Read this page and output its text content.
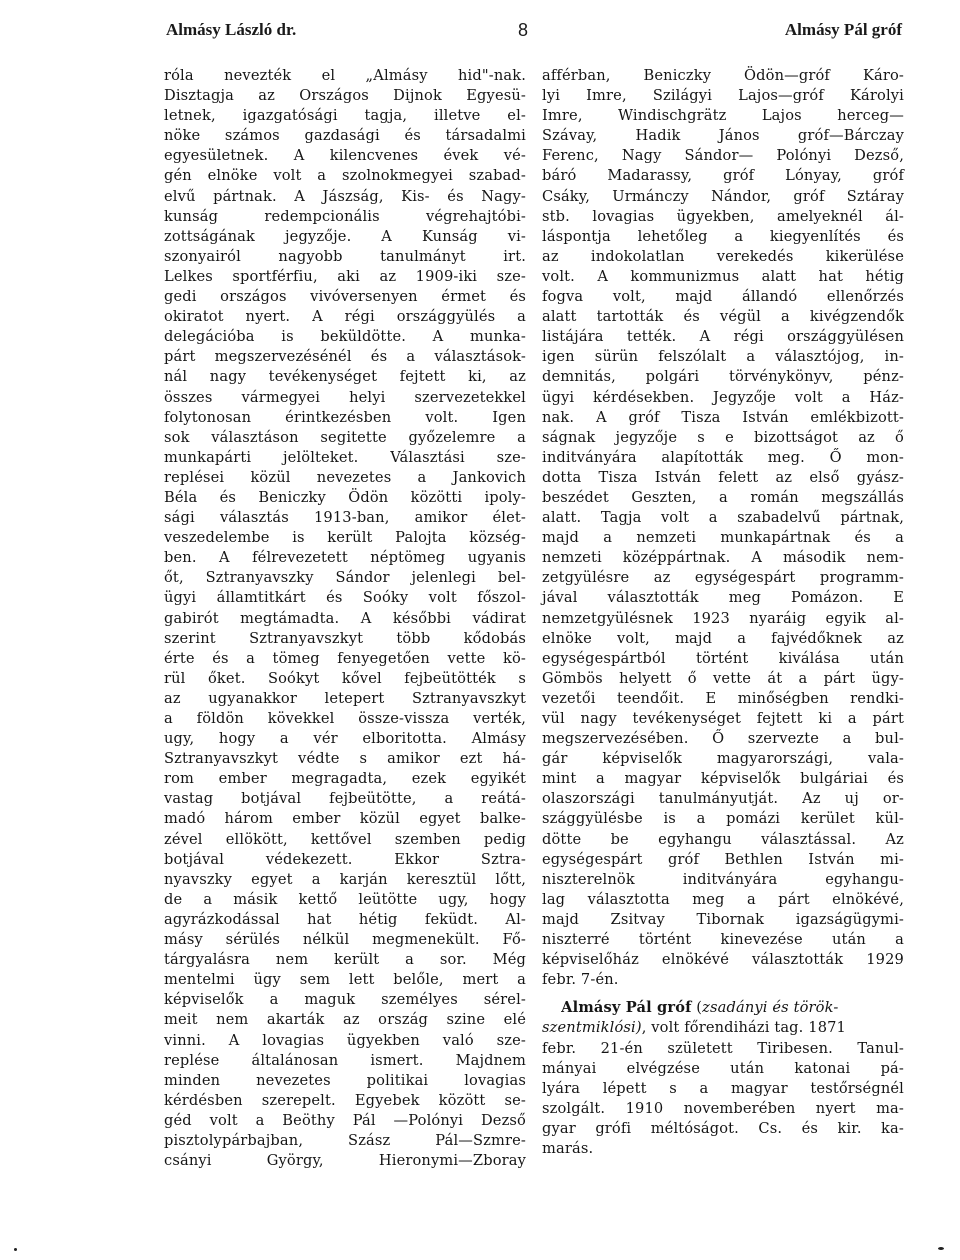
Almásy László dr.	8	Almásy Pál gróf
róla nevezték el „Almásy hid"-nak.
Disztagja az Országos Dijnok Egyesü-
letnek, igazgatósági tagja, illetve el-
nöke számos gazdasági és társadalmi
egyesületnek. A kilencvenes évek vé-
gén elnöke volt a szolnokmegyei szabad-
elvű pártnak. A Jászság, Kis- és Nagy-
kunság redempcionális végrehajtóbi-
zottságának jegyzője. A Kunság vi-
szonyairól nagyobb tanulmányt irt.
Lelkes sportférfiu, aki az 1909-iki sze-
gedi országos vivóversenyen érmet és
okiratot nyert. A régi országgyülés a
delegációba is beküldötte. A munka-
párt megszervezésénél és a választások-
nál nagy tevékenységet fejtett ki, az
összes vármegyei helyi szervezetekkel
folytonosan érintkezésben volt. Igen
sok választáson segitette győzelemre a
munkapárti jelölteket. Választási sze-
replései közül nevezetes a Jankovich
Béla és Beniczky Ödön közötti ipoly-
sági választás 1913-ban, amikor élet-
veszedelembe is került Palojta község-
ben. A félrevezetett néptömeg ugyanis
őt, Sztranyavszky Sándor jelenlegi bel-
ügyi államtitkárt és Soóky volt főszol-
gabirót megtámadta. A későbbi vádirat
szerint Sztranyavszkyt több kődobás
érte és a tömeg fenyegetően vette kö-
rül őket. Soókyt kővel fejbeütötték s
az ugyanakkor letepert Sztranyavszkyt
a földön kövekkel össze-vissza verték,
ugy, hogy a vér elboritotta. Almásy
Sztranyavszkyt védte s amikor ezt há-
rom ember megragadta, ezek egyikét
vastag botjával fejbeütötte, a reátá-
madó három ember közül egyet balke-
zével ellökött, kettővel szemben pedig
botjával védekezett. Ekkor Sztra-
nyavszky egyet a karján keresztül lőtt,
de a másik kettő leütötte ugy, hogy
agyrázkodással hat hétig feküdt. Al-
másy sérülés nélkül megmenekült. Fő-
tárgyalásra nem került a sor. Még
mentelmi ügy sem lett belőle, mert a
képviselők a maguk személyes sérel-
meit nem akarták az ország szine elé
vinni. A lovagias ügyekben való sze-
replése általánosan ismert. Majdnem
minden nevezetes politikai lovagias
kérdésben szerepelt. Egyebek között se-
géd volt a Beöthy Pál —Polónyi Dezső
pisztolypárbajban, Szász Pál—Szmre-
csányi György, Hieronymi—Zboray
afférban, Beniczky Ödön—gróf Káro-
lyi Imre, Szilágyi Lajos—gróf Károlyi
Imre, Windischgrätz Lajos herceg—
Szávay, Hadik János gróf—Bárczay
Ferenc, Nagy Sándor— Polónyi Dezső,
báró Madarassy, gróf Lónyay, gróf
Csáky, Urmánczy Nándor, gróf Sztáray
stb. lovagias ügyekben, amelyeknél ál-
láspontja lehetőleg a kiegyenlítés és
az indokolatlan verekedés kikerülése
volt. A kommunizmus alatt hat hétig
fogva volt, majd állandó ellenőrzés
alatt tartották és végül a kivégzendők
listájára tették. A régi országgyülésen
igen sürün felszólalt a választójog, in-
demnitás, polgári törvénykönyv, pénz-
ügyi kérdésekben. Jegyzője volt a Ház-
nak. A gróf Tisza István emlékbizott-
ságnak jegyzője s e bizottságot az ő
inditványára alapították meg. Ő mon-
dotta Tisza István felett az első gyász-
beszédet Geszten, a román megszállás
alatt. Tagja volt a szabadelvű pártnak,
majd a nemzeti munkapártnak és a
nemzeti középpártnak. A második nem-
zetgyülésre az egységespárt programm-
jával választották meg Pomázon. E
nemzetgyülésnek 1923 nyaráig egyik al-
elnöke volt, majd a fajvédőknek az
egységespártból történt kiválása után
Gömbös helyett ő vette át a párt ügy-
vezetői teendőit. E minőségben rendki-
vül nagy tevékenységet fejtett ki a párt
megszervezésében. Ő szervezte a bul-
gár képviselők magyarországi, vala-
mint a magyar képviselők bulgáriai és
olaszországi tanulmányutját. Az uj or-
szággyülésbe is a pomázi kerület kül-
dötte be egyhangu választással. Az
egységespárt gróf Bethlen István mi-
niszterelnök inditványára egyhangu-
lag választotta meg a párt elnökévé,
majd Zsitvay Tibornak igazságügymi-
niszterré történt kinevezése után a
képviselőház elnökévé választották 1929
febr. 7-én.
Almásy Pál gróf (zsadányi és török-
szentmiklósi), volt főrendiházi tag. 1871
febr. 21-én született Tiribesen. Tanul-
mányai elvégzése után katonai pá-
lyára lépett s a magyar testőrségnél
szolgált. 1910 novemberében nyert ma-
gyar grófi méltóságot. Cs. és kir. ka-
marás.
